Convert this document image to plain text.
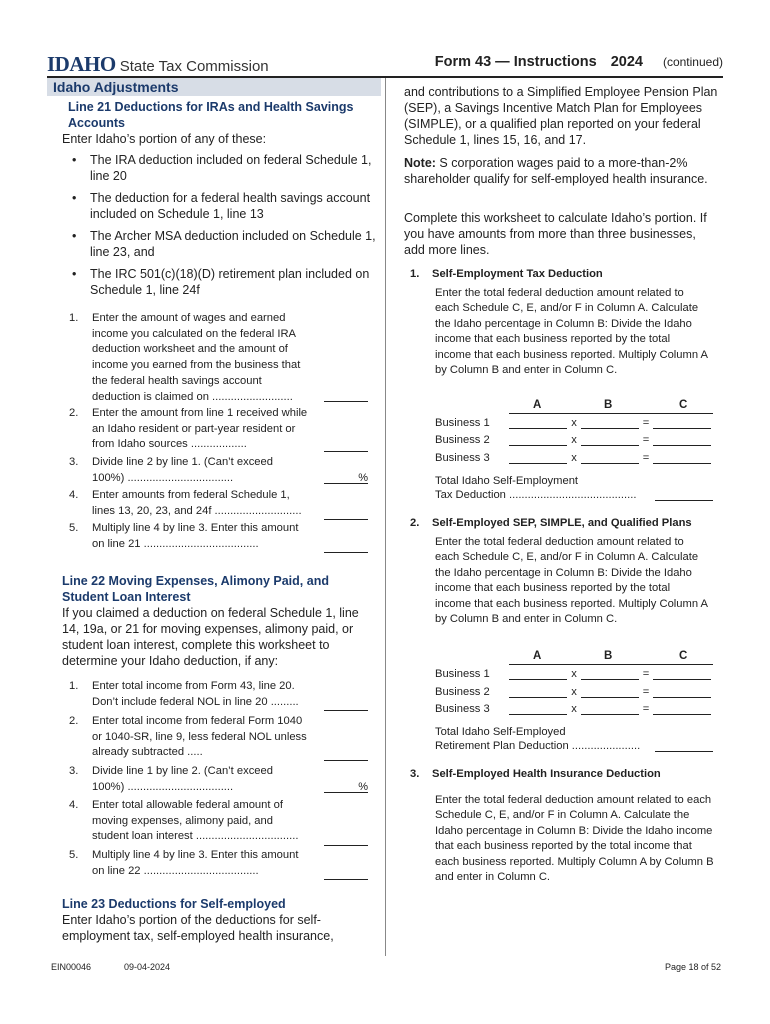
IDAHO State Tax Commission	Form 43 — Instructions 2024 (continued)
Idaho Adjustments
Line 21 Deductions for IRAs and Health Savings Accounts
Enter Idaho’s portion of any of these:
• The IRA deduction included on federal Schedule 1, line 20
• The deduction for a federal health savings account included on Schedule 1, line 13
• The Archer MSA deduction included on Schedule 1, line 23, and
• The IRC 501(c)(18)(D) retirement plan included on Schedule 1, line 24f
1. Enter the amount of wages and earned income you calculated on the federal IRA deduction worksheet and the amount of income you earned from the business that the federal health savings account deduction is claimed on ..........................
2. Enter the amount from line 1 received while an Idaho resident or part-year resident or from Idaho sources ..................
3. Divide line 2 by line 1. (Can’t exceed 100%) ..................................	%
4. Enter amounts from federal Schedule 1, lines 13, 20, 23, and 24f ............................
5. Multiply line 4 by line 3. Enter this amount on line 21 .....................................
Line 22 Moving Expenses, Alimony Paid, and Student Loan Interest
If you claimed a deduction on federal Schedule 1, line 14, 19a, or 21 for moving expenses, alimony paid, or student loan interest, complete this worksheet to determine your Idaho deduction, if any:
1. Enter total income from Form 43, line 20. Don’t include federal NOL in line 20 .........
2. Enter total income from federal Form 1040 or 1040-SR, line 9, less federal NOL unless already subtracted .....
3. Divide line 1 by line 2. (Can’t exceed 100%) ..................................	%
4. Enter total allowable federal amount of moving expenses, alimony paid, and student loan interest .................................
5. Multiply line 4 by line 3. Enter this amount on line 22 .....................................
Line 23 Deductions for Self-employed
Enter Idaho’s portion of the deductions for self-employment tax, self-employed health insurance,
and contributions to a Simplified Employee Pension Plan (SEP), a Savings Incentive Match Plan for Employees (SIMPLE), or a qualified plan reported on your federal Schedule 1, lines 15, 16, and 17.
Note: S corporation wages paid to a more-than-2% shareholder qualify for self-employed health insurance.
Complete this worksheet to calculate Idaho’s portion. If you have amounts from more than three businesses, add more lines.
1. Self-Employment Tax Deduction
Enter the total federal deduction amount related to each Schedule C, E, and/or F in Column A. Calculate the Idaho percentage in Column B: Divide the Idaho income that each business reported by the total income that each business reported. Multiply Column A by Column B and enter in Column C.
2. Self-Employed SEP, SIMPLE, and Qualified Plans
Enter the total federal deduction amount related to each Schedule C, E, and/or F in Column A. Calculate the Idaho percentage in Column B: Divide the Idaho income that each business reported by the total income that each business reported. Multiply Column A by Column B and enter in Column C.
3. Self-Employed Health Insurance Deduction
Enter the total federal deduction amount related to each Schedule C, E, and/or F in Column A. Calculate the Idaho percentage in Column B: Divide the Idaho income that each business reported by the total income that each business reported. Multiply Column A by Column B and enter in Column C.
A	B	C
Business 1	x	=
Business 2	x	=
Business 3	x	=
Total Idaho Self-Employment
Tax Deduction .........................................
A	B	C
Business 1	x	=
Business 2	x	=
Business 3	x	=
Total Idaho Self-Employed
Retirement Plan Deduction ......................
EIN00046	09-04-2024	Page 18 of 52
